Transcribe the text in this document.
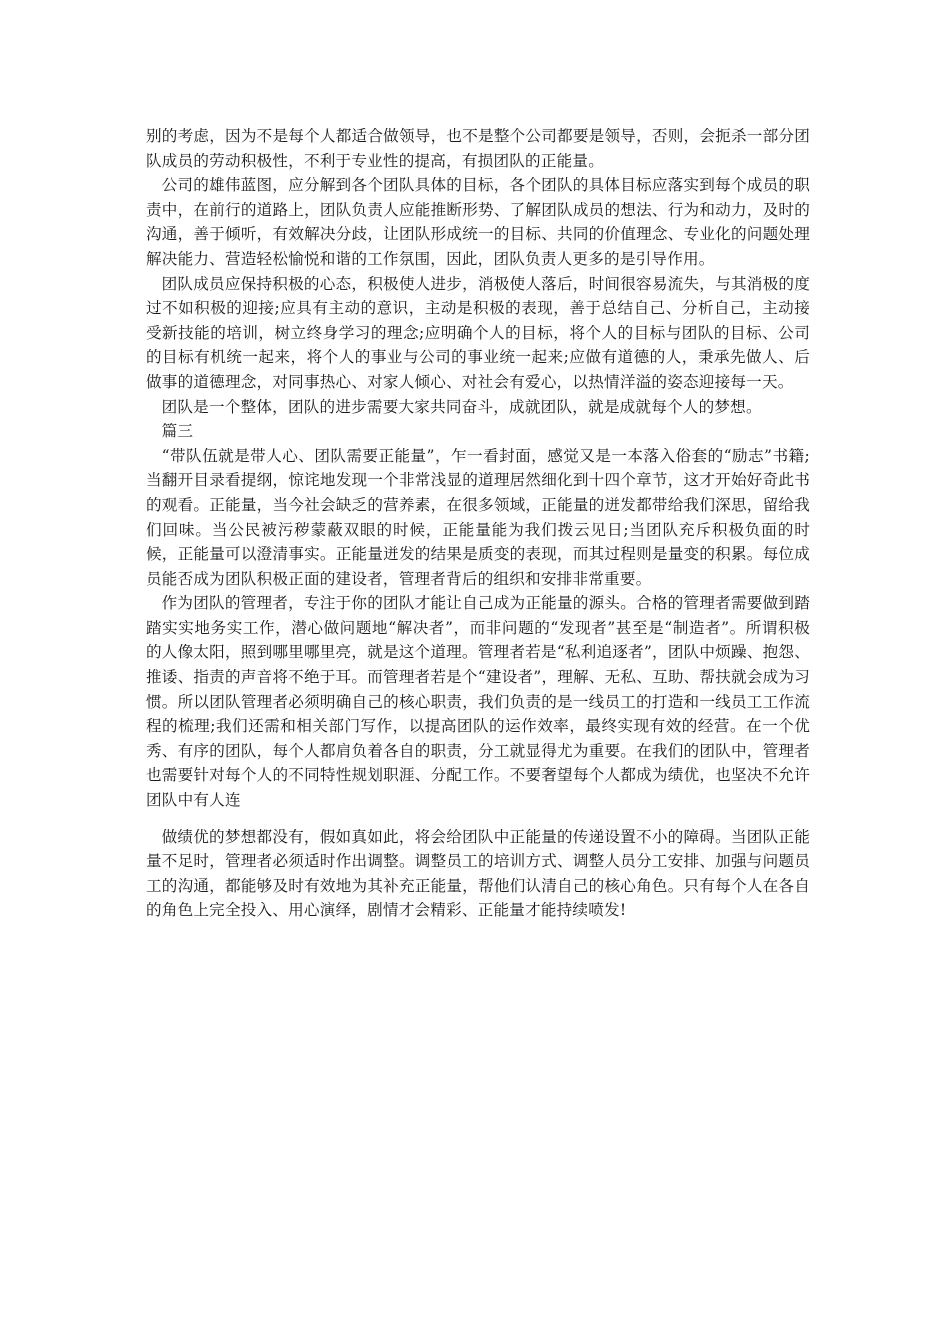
别的考虑，因为不是每个人都适合做领导，也不是整个公司都要是领导，否则，会扼杀一部分团队成员的劳动积极性，不利于专业性的提高，有损团队的正能量。

公司的雄伟蓝图，应分解到各个团队具体的目标，各个团队的具体目标应落实到每个成员的职责中，在前行的道路上，团队负责人应能推断形势、了解团队成员的想法、行为和动力，及时的沟通，善于倾听，有效解决分歧，让团队形成统一的目标、共同的价值理念、专业化的问题处理解决能力、营造轻松愉悦和谐的工作氛围，因此，团队负责人更多的是引导作用。

团队成员应保持积极的心态，积极使人进步，消极使人落后，时间很容易流失，与其消极的度过不如积极的迎接;应具有主动的意识，主动是积极的表现，善于总结自己、分析自己，主动接受新技能的培训，树立终身学习的理念;应明确个人的目标，将个人的目标与团队的目标、公司的目标有机统一起来，将个人的事业与公司的事业统一起来;应做有道德的人，秉承先做人、后做事的道德理念，对同事热心、对家人倾心、对社会有爱心，以热情洋溢的姿态迎接每一天。

团队是一个整体，团队的进步需要大家共同奋斗，成就团队，就是成就每个人的梦想。

篇三

“带队伍就是带人心、团队需要正能量”，乍一看封面，感觉又是一本落入俗套的“励志”书籍;当翻开目录看提纲，惊诧地发现一个非常浅显的道理居然细化到十四个章节，这才开始好奇此书的观看。正能量，当今社会缺乏的营养素，在很多领域，正能量的迸发都带给我们深思，留给我们回味。当公民被污秽蒙蔽双眼的时候，正能量能为我们拨云见日;当团队充斥积极负面的时候，正能量可以澄清事实。正能量迸发的结果是质变的表现，而其过程则是量变的积累。每位成员能否成为团队积极正面的建设者，管理者背后的组织和安排非常重要。

作为团队的管理者，专注于你的团队才能让自己成为正能量的源头。合格的管理者需要做到踏踏实实地务实工作，潜心做问题地“解决者”，而非问题的“发现者”甚至是“制造者”。所谓积极的人像太阳，照到哪里哪里亮，就是这个道理。管理者若是“私利追逐者”，团队中烦躁、抱怨、推诿、指责的声音将不绝于耳。而管理者若是个“建设者”，理解、无私、互助、帮扶就会成为习惯。所以团队管理者必须明确自己的核心职责，我们负责的是一线员工的打造和一线员工工作流程的梳理;我们还需和相关部门写作，以提高团队的运作效率，最终实现有效的经营。在一个优秀、有序的团队，每个人都肩负着各自的职责，分工就显得尤为重要。在我们的团队中，管理者也需要针对每个人的不同特性规划职涯、分配工作。不要奢望每个人都成为绩优，也坚决不允许团队中有人连

做绩优的梦想都没有，假如真如此，将会给团队中正能量的传递设置不小的障碍。当团队正能量不足时，管理者必须适时作出调整。调整员工的培训方式、调整人员分工安排、加强与问题员工的沟通，都能够及时有效地为其补充正能量，帮他们认清自己的核心角色。只有每个人在各自的角色上完全投入、用心演绎，剧情才会精彩、正能量才能持续喷发!
